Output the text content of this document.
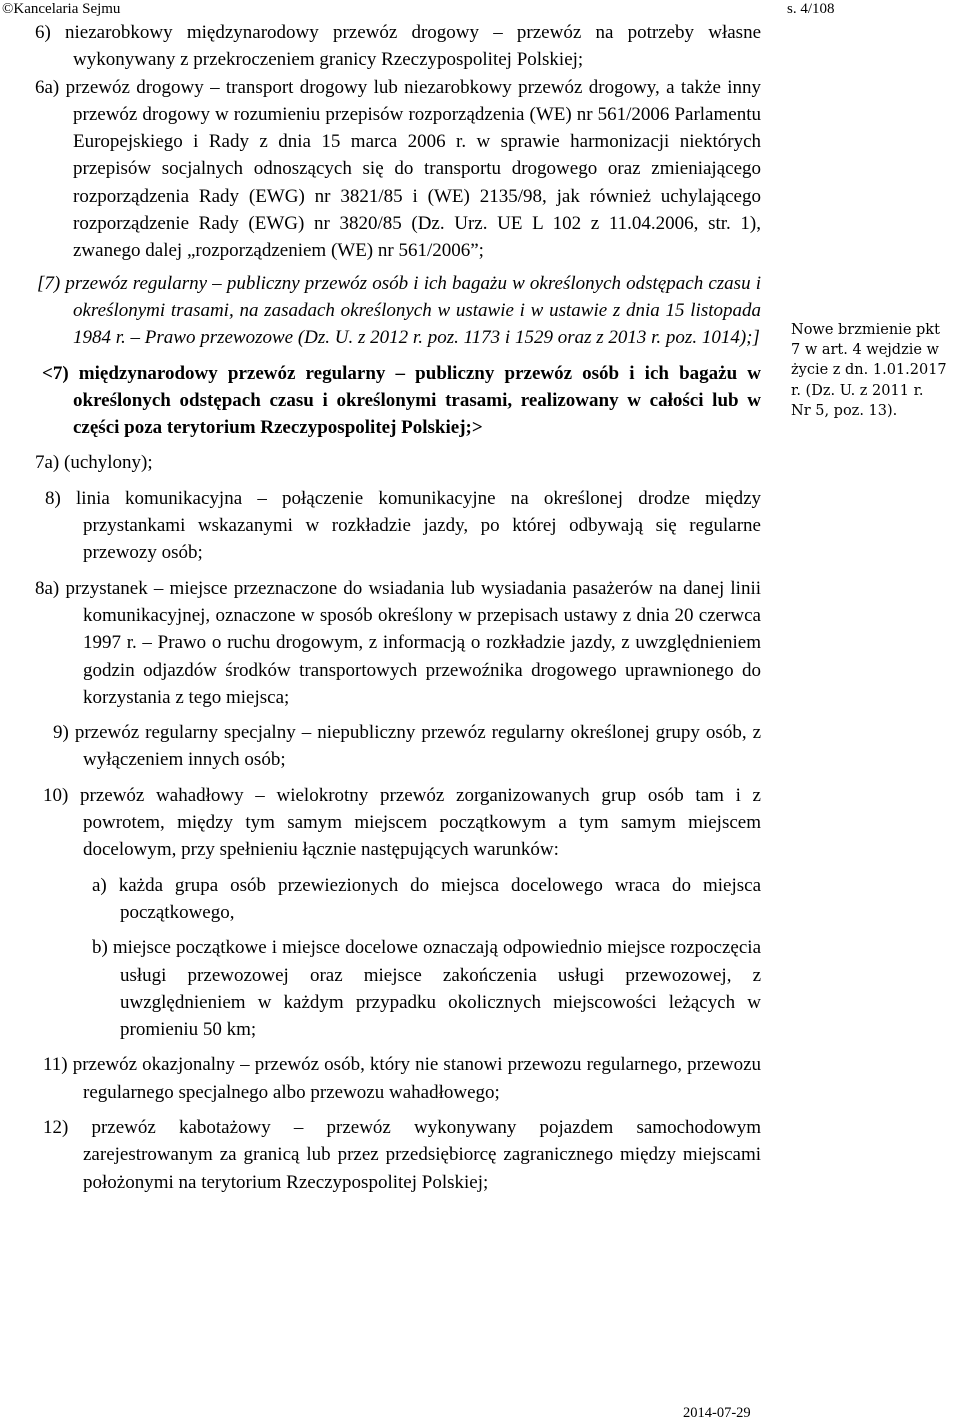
©Kancelaria Sejmu	s. 4/108
6) niezarobkowy międzynarodowy przewóz drogowy – przewóz na potrzeby własne wykonywany z przekroczeniem granicy Rzeczypospolitej Polskiej;
6a) przewóz drogowy – transport drogowy lub niezarobkowy przewóz drogowy, a także inny przewóz drogowy w rozumieniu przepisów rozporządzenia (WE) nr 561/2006 Parlamentu Europejskiego i Rady z dnia 15 marca 2006 r. w sprawie harmonizacji niektórych przepisów socjalnych odnoszących się do transportu drogowego oraz zmieniającego rozporządzenia Rady (EWG) nr 3821/85 i (WE) 2135/98, jak również uchylającego rozporządzenie Rady (EWG) nr 3820/85 (Dz. Urz. UE L 102 z 11.04.2006, str. 1), zwanego dalej „rozporządzeniem (WE) nr 561/2006”;
[7) przewóz regularny – publiczny przewóz osób i ich bagażu w określonych odstępach czasu i określonymi trasami, na zasadach określonych w ustawie i w ustawie z dnia 15 listopada 1984 r. – Prawo przewozowe (Dz. U. z 2012 r. poz. 1173 i 1529 oraz z 2013 r. poz. 1014);]
<7) międzynarodowy przewóz regularny – publiczny przewóz osób i ich bagażu w określonych odstępach czasu i określonymi trasami, realizowany w całości lub w części poza terytorium Rzeczypospolitej Polskiej;>
7a) (uchylony);
8) linia komunikacyjna – połączenie komunikacyjne na określonej drodze między przystankami wskazanymi w rozkładzie jazdy, po której odbywają się regularne przewozy osób;
8a) przystanek – miejsce przeznaczone do wsiadania lub wysiadania pasażerów na danej linii komunikacyjnej, oznaczone w sposób określony w przepisach ustawy z dnia 20 czerwca 1997 r. – Prawo o ruchu drogowym, z informacją o rozkładzie jazdy, z uwzględnieniem godzin odjazdów środków transportowych przewoźnika drogowego uprawnionego do korzystania z tego miejsca;
9) przewóz regularny specjalny – niepubliczny przewóz regularny określonej grupy osób, z wyłączeniem innych osób;
10) przewóz wahadłowy – wielokrotny przewóz zorganizowanych grup osób tam i z powrotem, między tym samym miejscem początkowym a tym samym miejscem docelowym, przy spełnieniu łącznie następujących warunków:
a) każda grupa osób przewiezionych do miejsca docelowego wraca do miejsca początkowego,
b) miejsce początkowe i miejsce docelowe oznaczają odpowiednio miejsce rozpoczęcia usługi przewozowej oraz miejsce zakończenia usługi przewozowej, z uwzględnieniem w każdym przypadku okolicznych miejscowości leżących w promieniu 50 km;
11) przewóz okazjonalny – przewóz osób, który nie stanowi przewozu regularnego, przewozu regularnego specjalnego albo przewozu wahadłowego;
12) przewóz kabotażowy – przewóz wykonywany pojazdem samochodowym zarejestrowanym za granicą lub przez przedsiębiorcę zagranicznego między miejscami położonymi na terytorium Rzeczypospolitej Polskiej;
Nowe brzmienie pkt
7 w art. 4 wejdzie w
życie z dn. 1.01.2017
r. (Dz. U. z 2011 r.
Nr 5, poz. 13).
2014-07-29
